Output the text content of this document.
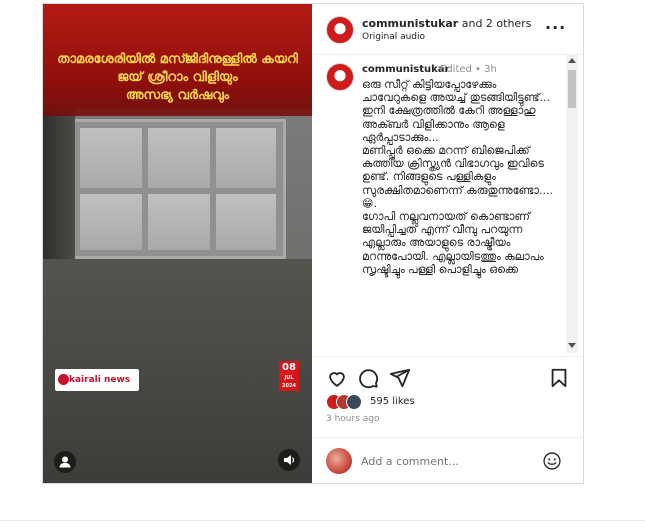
താമരശേരിയിൽ മസ്ജിദിനുള്ളിൽ കയറി
ജയ് ശ്രീറാം വിളിയും
അസഭ്യ വർഷവും
kairali news
08
JUL
2024
communistukar and 2 others
Original audio	···
communistukar
Edited • 3h
ഒരു സീറ്റ് കിട്ടിയപ്പോഴേക്കും ചാവേറുകളെ അയച്ച് തുടങ്ങിയിട്ടുണ്ട്... ഇനി ക്ഷേത്രത്തിൽ കേറി അള്ളാഹു അക്ബർ വിളിക്കാനും ആളെ ഏർപ്പാടാക്കും...
മണിപ്പൂർ ഒക്കെ മറന്ന് ബിജെപിക്ക് കുത്തിയ ക്രിസ്ത്യൻ വിഭാഗവും ഇവിടെ ഉണ്ട്. നിങ്ങളുടെ പള്ളികളും സുരക്ഷിതമാണെന്ന് കരുതുന്നുണ്ടോ.... 😁.
ഗോപി നല്ലവനായത് കൊണ്ടാണ് ജയിപ്പിച്ചത് എന്ന് വീമ്പു പറയുന്ന എല്ലാരും അയാളുടെ രാഷ്ട്രീയം മറന്നുപോയി. എല്ലായിടത്തും കലാപം സൃഷ്ടിച്ചും പള്ളി പൊളിച്ചും ഒക്കെ
595 likes
3 hours ago
Add a comment...
